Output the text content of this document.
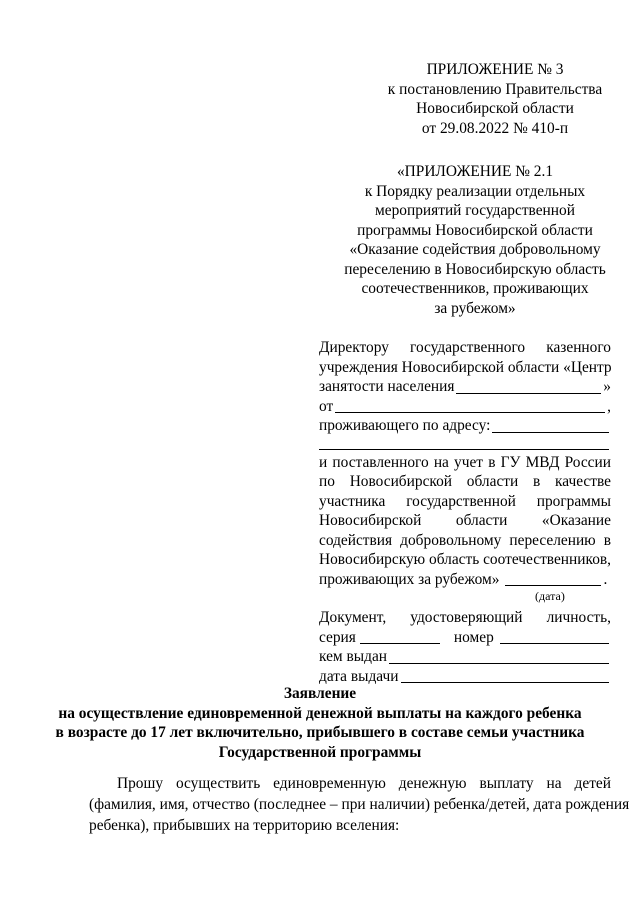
ПРИЛОЖЕНИЕ № 3
к постановлению Правительства
Новосибирской области
от 29.08.2022 № 410-п
«ПРИЛОЖЕНИЕ № 2.1
к Порядку реализации отдельных
мероприятий государственной
программы Новосибирской области
«Оказание содействия добровольному
переселению в Новосибирскую область
соотечественников, проживающих
за рубежом»
Директору государственного казенного
учреждения Новосибирской области «Центр
занятости населения	»
от	,
проживающего по адресу:
и поставленного на учет в ГУ МВД России
по Новосибирской области в качестве
участника государственной программы
Новосибирской области «Оказание
содействия добровольному переселению в
Новосибирскую область соотечественников,
проживающих за рубежом»	.
(дата)
Документ, удостоверяющий личность,
серия	номер
кем выдан
дата выдачи
Заявление
на осуществление единовременной денежной выплаты на каждого ребенка
в возрасте до 17 лет включительно, прибывшего в составе семьи участника
Государственной программы
Прошу осуществить единовременную денежную выплату на детей
(фамилия, имя, отчество (последнее – при наличии) ребенка/детей, дата рождения
ребенка), прибывших на территорию вселения:
